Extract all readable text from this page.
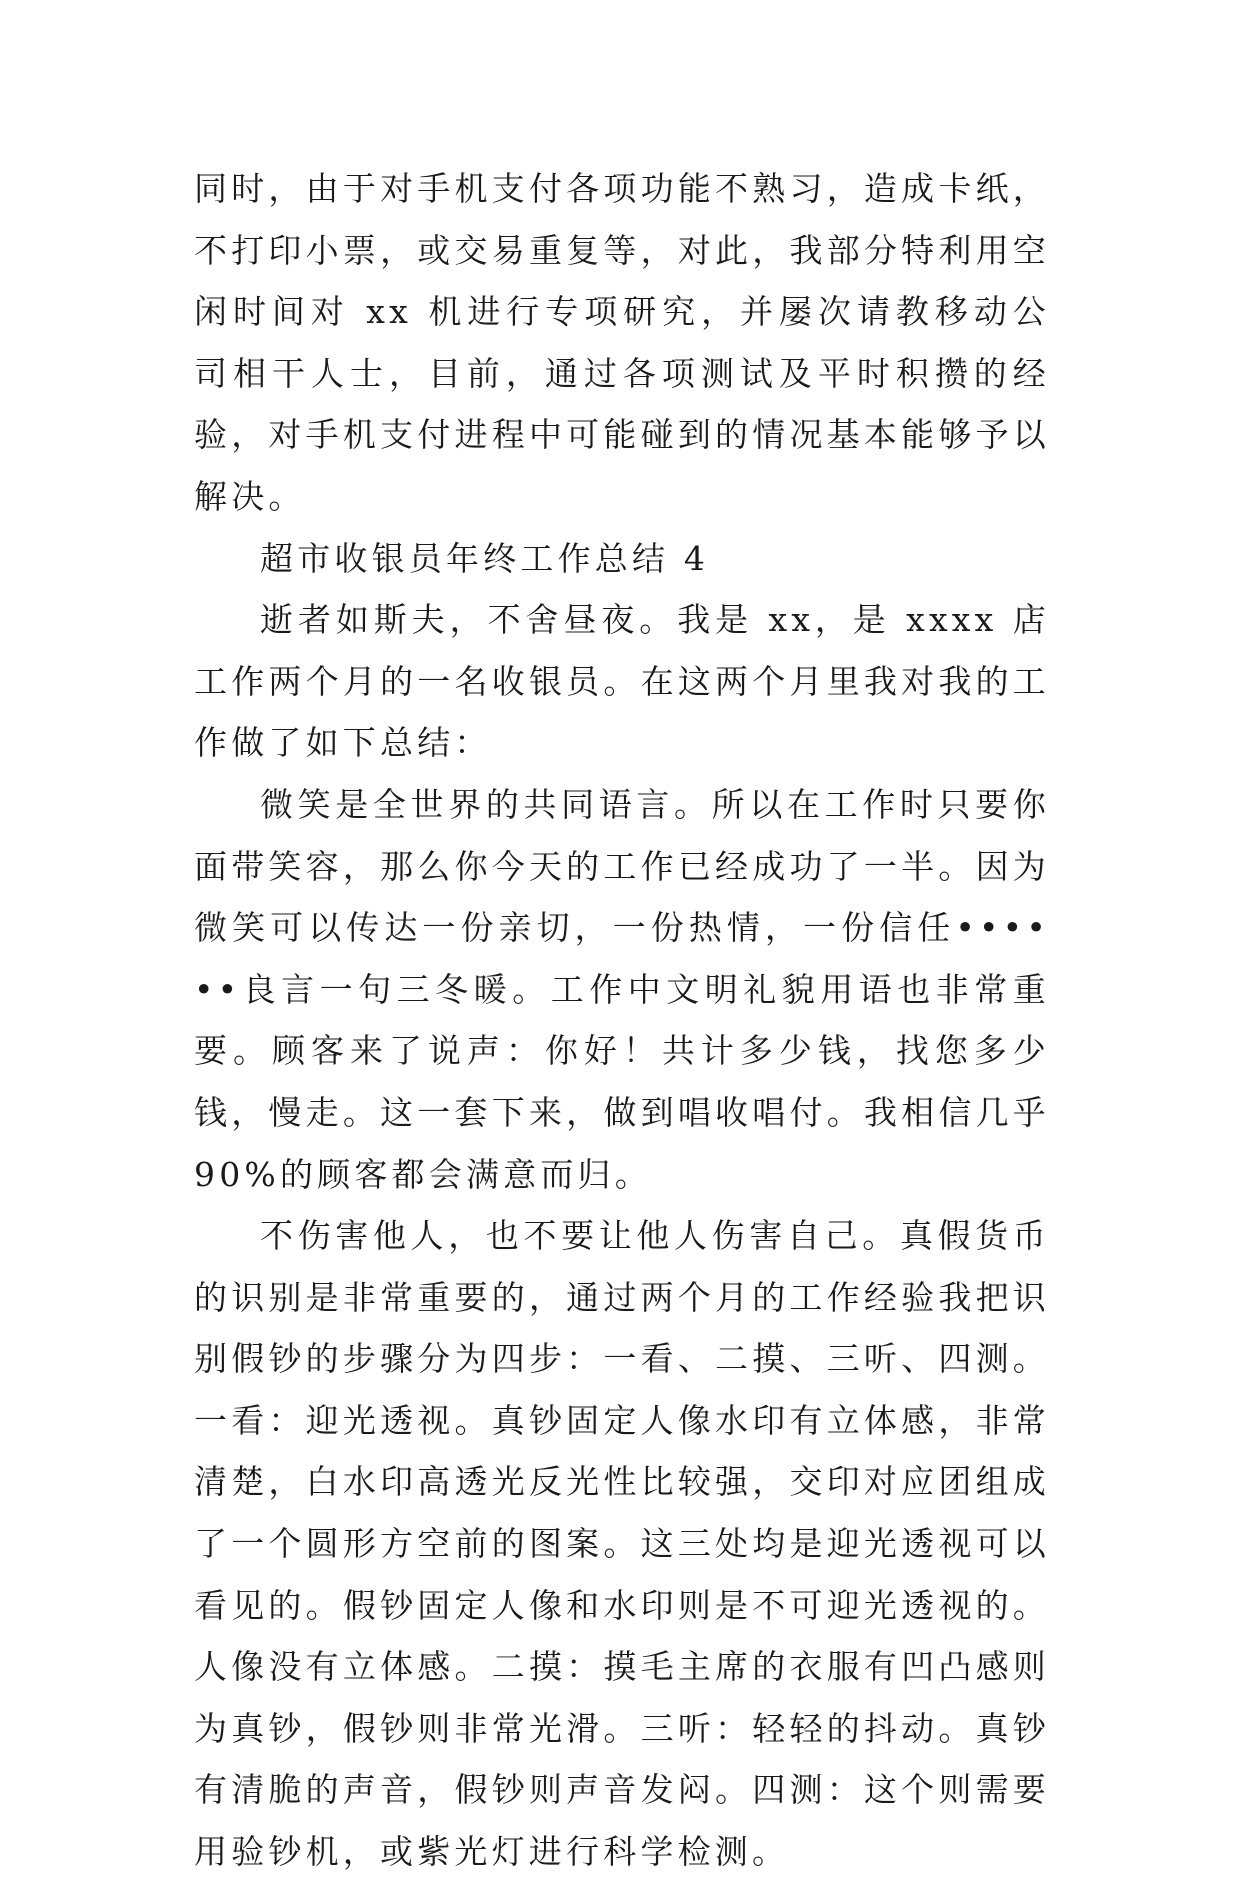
同时，由于对手机支付各项功能不熟习，造成卡纸，不打印小票，或交易重复等，对此，我部分特利用空闲时间对 xx 机进行专项研究，并屡次请教移动公司相干人士，目前，通过各项测试及平时积攒的经验，对手机支付进程中可能碰到的情况基本能够予以解决。

超市收银员年终工作总结 4

逝者如斯夫，不舍昼夜。我是 xx，是 xxxx 店工作两个月的一名收银员。在这两个月里我对我的工作做了如下总结：

微笑是全世界的共同语言。所以在工作时只要你面带笑容，那么你今天的工作已经成功了一半。因为微笑可以传达一份亲切，一份热情，一份信任••••••良言一句三冬暖。工作中文明礼貌用语也非常重要。顾客来了说声：你好！共计多少钱，找您多少钱，慢走。这一套下来，做到唱收唱付。我相信几乎 90%的顾客都会满意而归。

不伤害他人，也不要让他人伤害自己。真假货币的识别是非常重要的，通过两个月的工作经验我把识别假钞的步骤分为四步：一看、二摸、三听、四测。一看：迎光透视。真钞固定人像水印有立体感，非常清楚，白水印高透光反光性比较强，交印对应团组成了一个圆形方空前的图案。这三处均是迎光透视可以看见的。假钞固定人像和水印则是不可迎光透视的。人像没有立体感。二摸：摸毛主席的衣服有凹凸感则为真钞，假钞则非常光滑。三听：轻轻的抖动。真钞有清脆的声音，假钞则声音发闷。四测：这个则需要用验钞机，或紫光灯进行科学检测。
